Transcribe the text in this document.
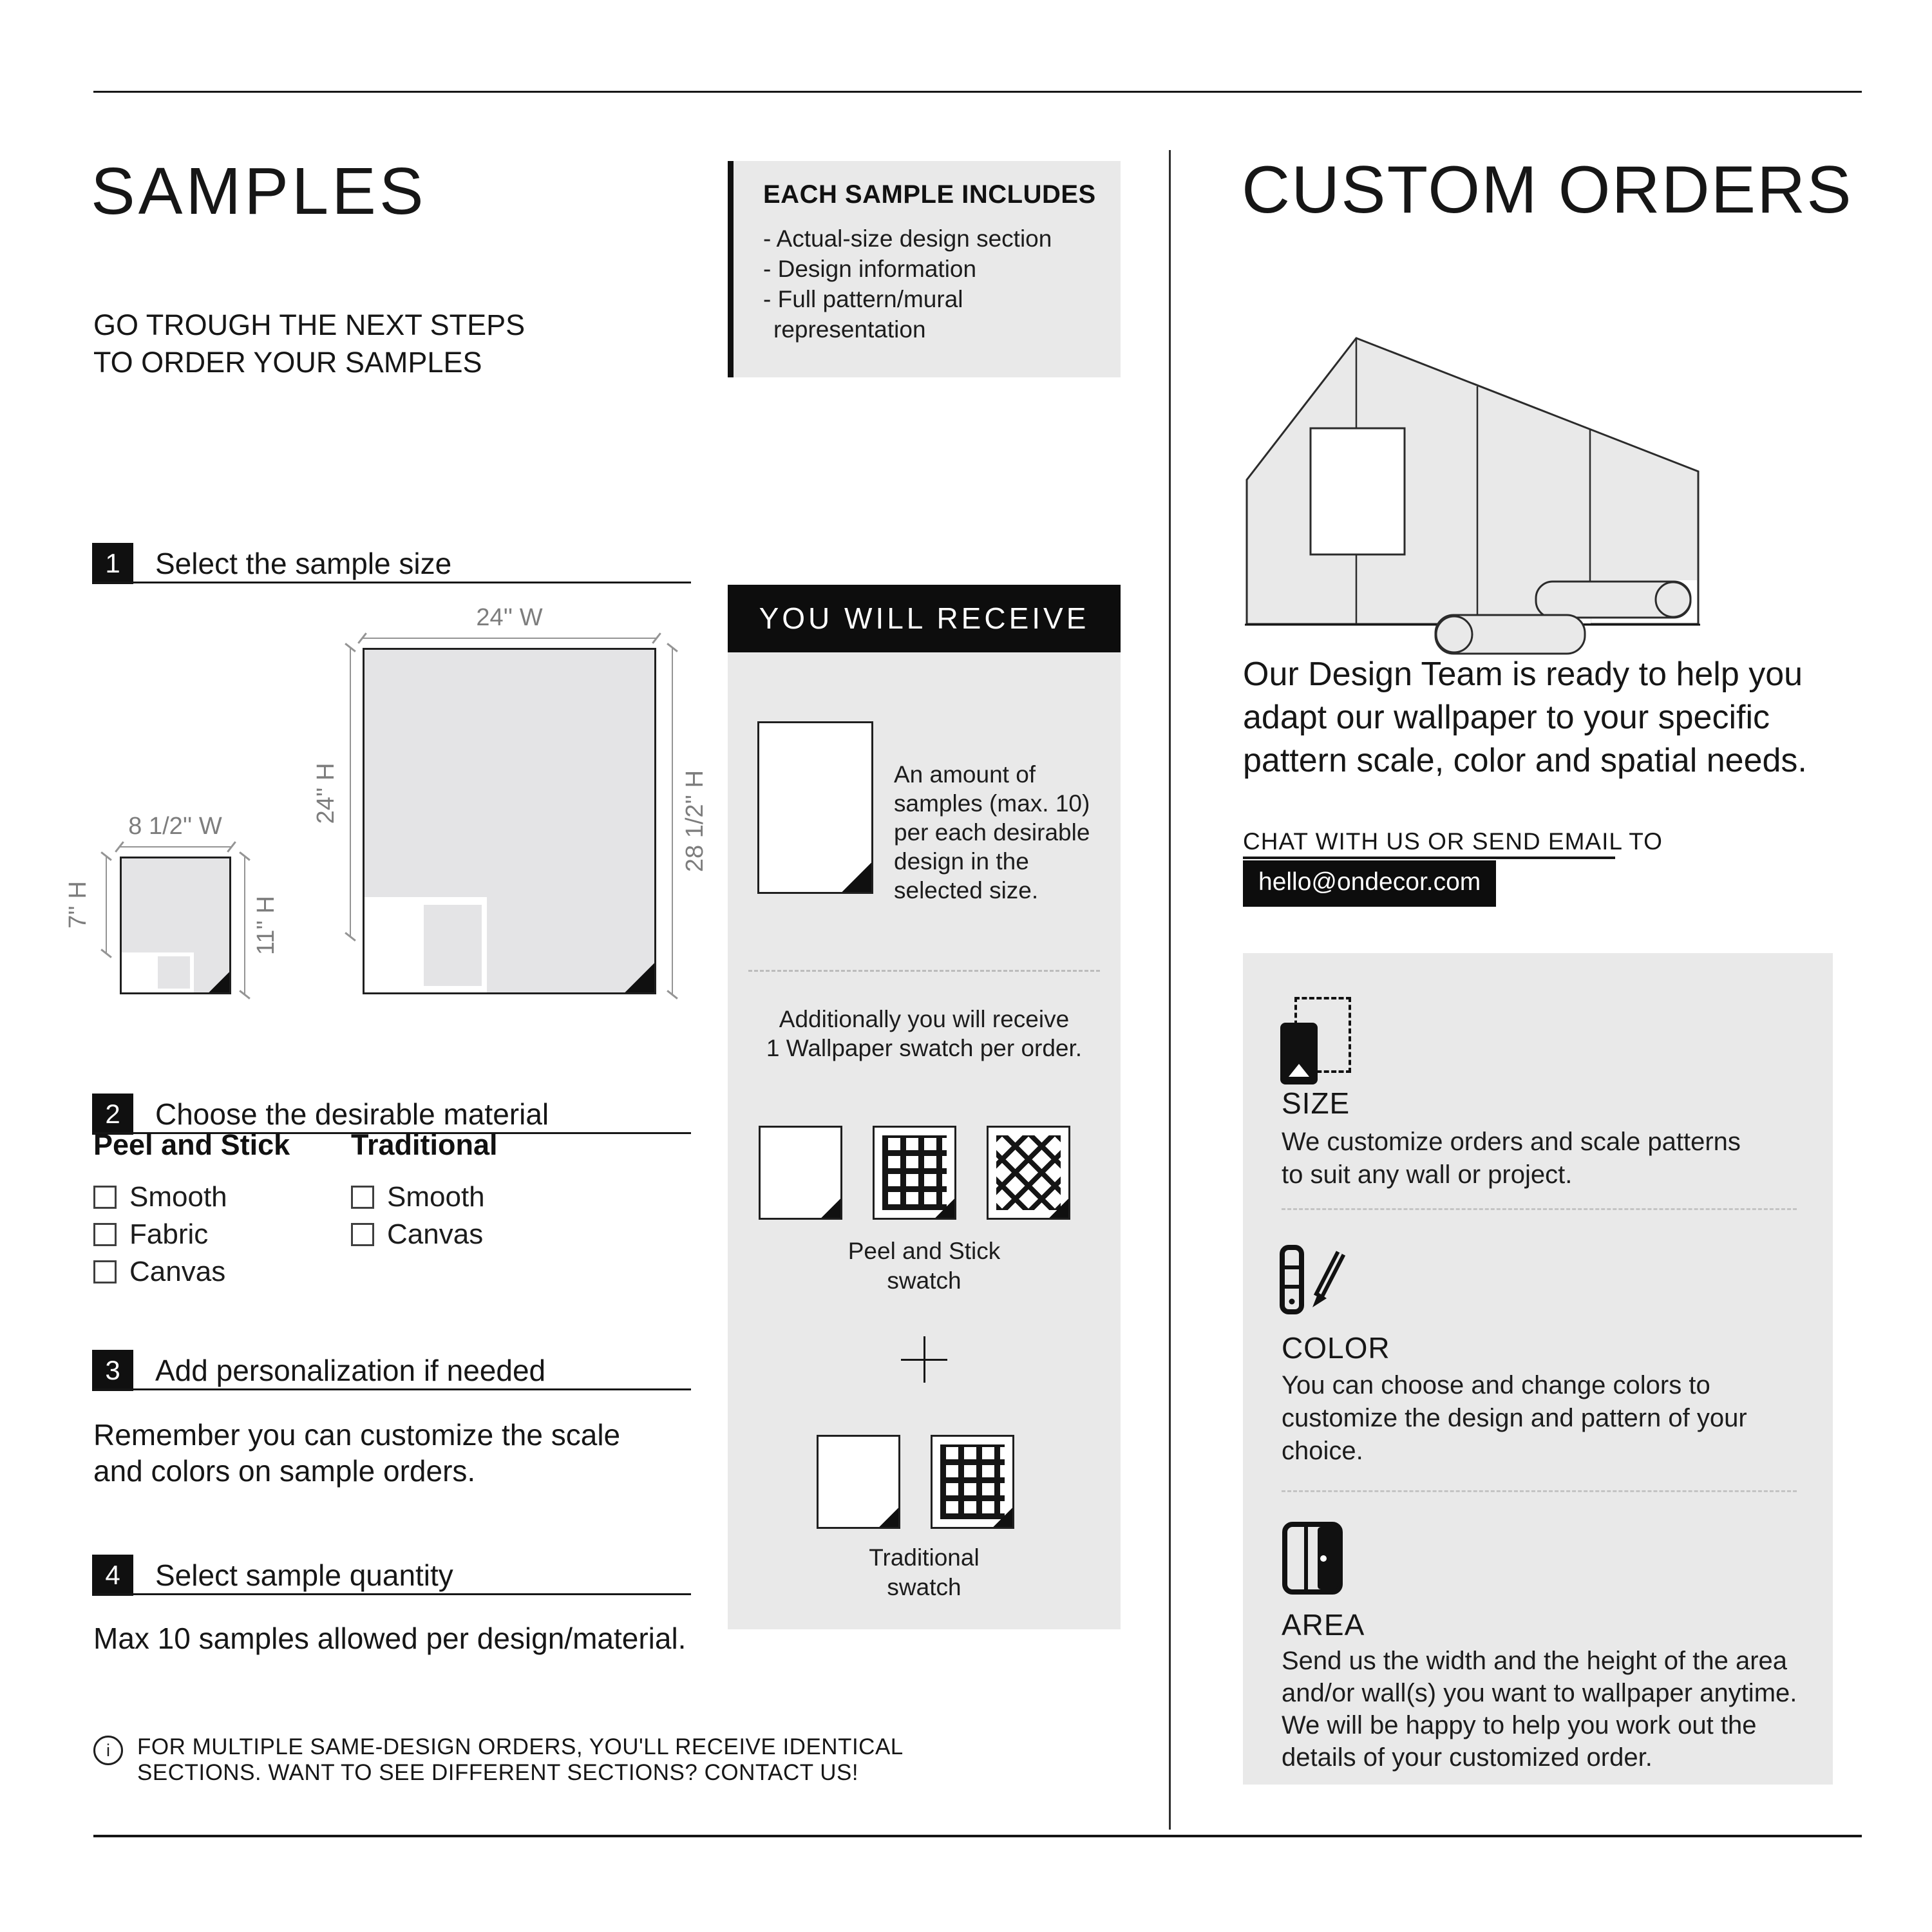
SAMPLES
GO TROUGH THE NEXT STEPS
TO ORDER YOUR SAMPLES
1	Select the sample size
24'' W
24'' H	28 1/2'' H
8 1/2'' W
7'' H	11'' H
2	Choose the desirable material
Peel and Stick
Smooth
Fabric
Canvas
Traditional
Smooth
Canvas
3	Add personalization if needed
Remember you can customize the scale
and colors on sample orders.
4	Select sample quantity
Max 10 samples allowed per design/material.
i	FOR MULTIPLE SAME-DESIGN ORDERS, YOU'LL RECEIVE IDENTICAL
SECTIONS. WANT TO SEE DIFFERENT SECTIONS? CONTACT US!
EACH SAMPLE INCLUDES
- Actual-size design section
- Design information
- Full pattern/mural
representation
YOU WILL RECEIVE
An amount of
samples (max. 10)
per each desirable
design in the
selected size.
Additionally you will receive
1 Wallpaper swatch per order.
Peel and Stick
swatch
Traditional
swatch
CUSTOM ORDERS
Our Design Team is ready to help you
adapt our wallpaper to your specific
pattern scale, color and spatial needs.
CHAT WITH US OR SEND EMAIL TO
hello@ondecor.com
SIZE
We customize orders and scale patterns
to suit any wall or project.
COLOR
You can choose and change colors to
customize the design and pattern of your
choice.
AREA
Send us the width and the height of the area
and/or wall(s) you want to wallpaper anytime.
We will be happy to help you work out the
details of your customized order.
